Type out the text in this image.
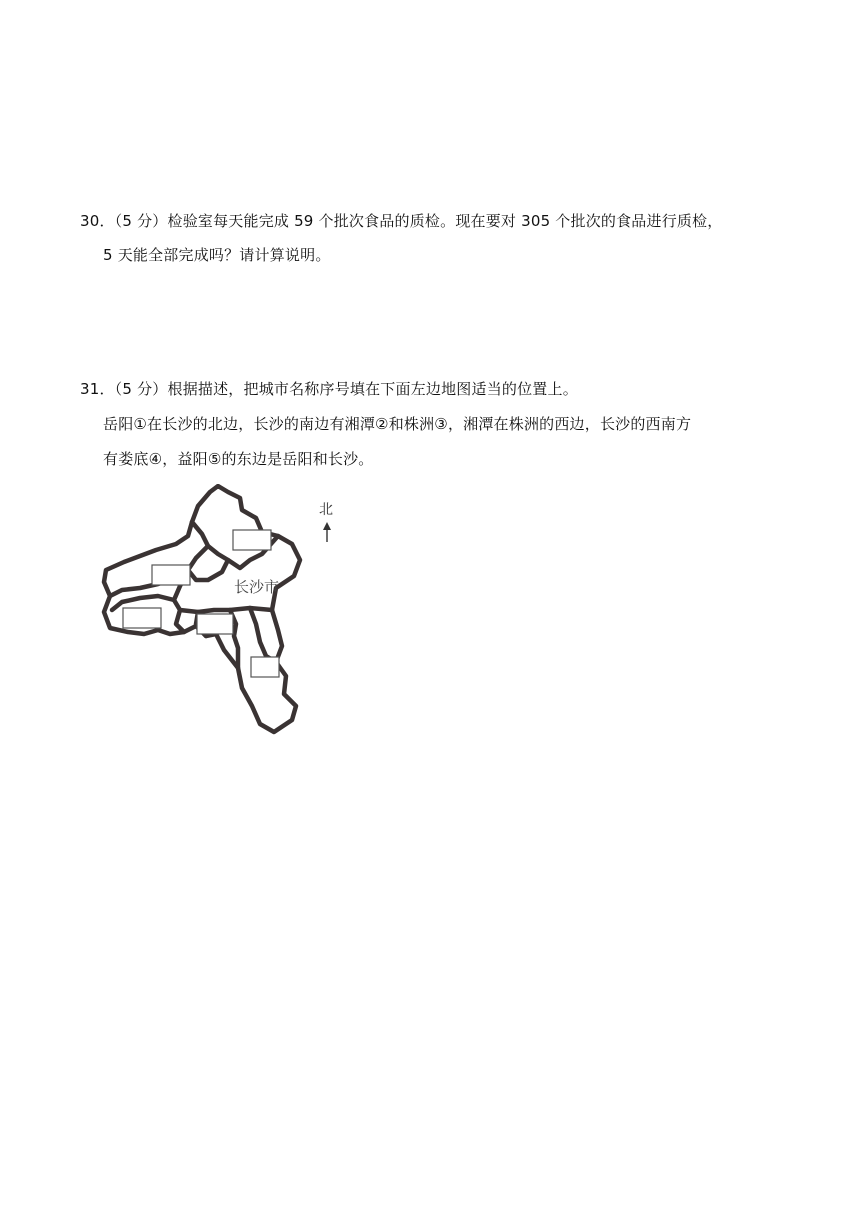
30．（5 分）检验室每天能完成 59 个批次食品的质检。现在要对 305 个批次的食品进行质检，
5 天能全部完成吗？请计算说明。
31．（5 分）根据描述，把城市名称序号填在下面左边地图适当的位置上。
岳阳①在长沙的北边，长沙的南边有湘潭②和株洲③，湘潭在株洲的西边，长沙的西南方
有娄底④，益阳⑤的东边是岳阳和长沙。
长沙市
北
